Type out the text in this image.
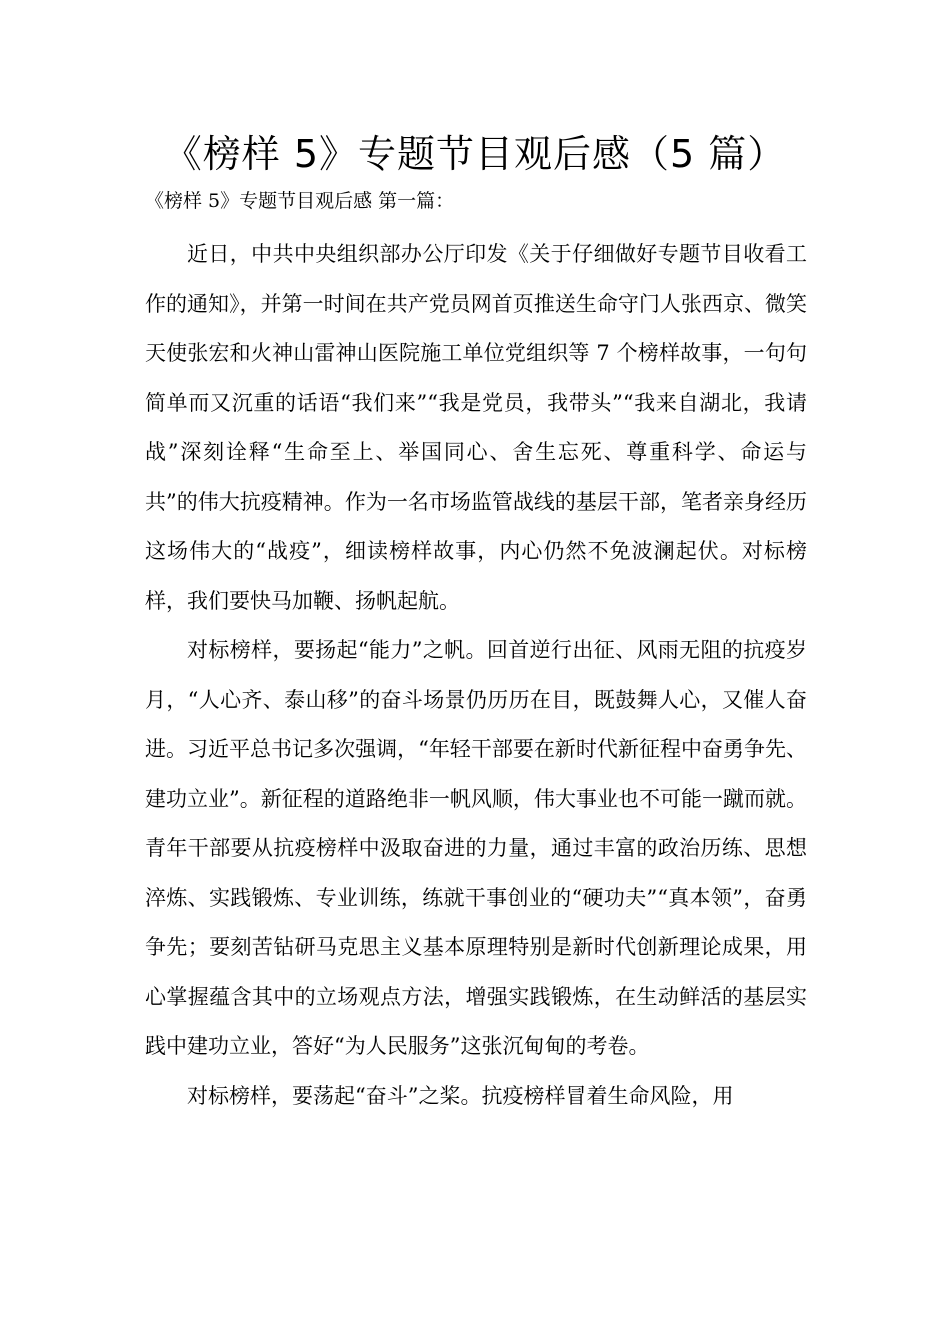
《榜样 5》专题节目观后感（5 篇）
《榜样 5》专题节目观后感 第一篇：

近日，中共中央组织部办公厅印发《关于仔细做好专题节目收看工作的通知》，并第一时间在共产党员网首页推送生命守门人张西京、微笑天使张宏和火神山雷神山医院施工单位党组织等 7 个榜样故事，一句句简单而又沉重的话语“我们来”“我是党员，我带头”“我来自湖北，我请战”深刻诠释“生命至上、举国同心、舍生忘死、尊重科学、命运与共”的伟大抗疫精神。作为一名市场监管战线的基层干部，笔者亲身经历这场伟大的“战疫”，细读榜样故事，内心仍然不免波澜起伏。对标榜样，我们要快马加鞭、扬帆起航。

对标榜样，要扬起“能力”之帆。回首逆行出征、风雨无阻的抗疫岁月，“人心齐、泰山移”的奋斗场景仍历历在目，既鼓舞人心，又催人奋进。习近平总书记多次强调，“年轻干部要在新时代新征程中奋勇争先、建功立业”。新征程的道路绝非一帆风顺，伟大事业也不可能一蹴而就。青年干部要从抗疫榜样中汲取奋进的力量，通过丰富的政治历练、思想淬炼、实践锻炼、专业训练，练就干事创业的“硬功夫”“真本领”，奋勇争先；要刻苦钻研马克思主义基本原理特别是新时代创新理论成果，用心掌握蕴含其中的立场观点方法，增强实践锻炼，在生动鲜活的基层实践中建功立业，答好“为人民服务”这张沉甸甸的考卷。

对标榜样，要荡起“奋斗”之桨。抗疫榜样冒着生命风险，用
